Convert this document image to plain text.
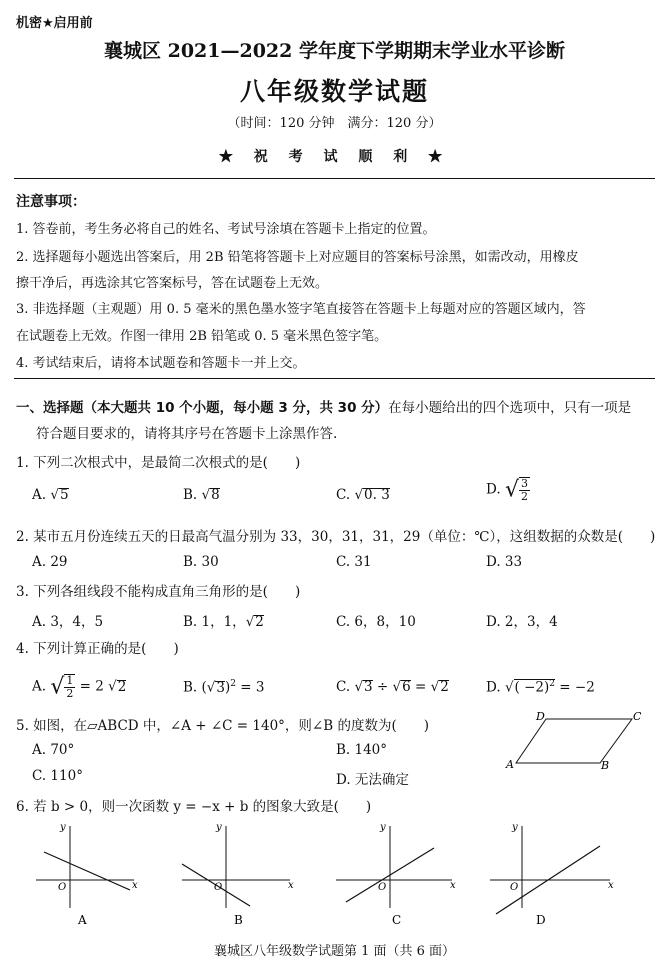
机密★启用前
襄城区 2021—2022 学年度下学期期末学业水平诊断
八年级数学试题
（时间：120 分钟　满分：120 分）
★ 祝 考 试 顺 利 ★
注意事项：
1. 答卷前，考生务必将自己的姓名、考试号涂填在答题卡上指定的位置。
2. 选择题每小题选出答案后，用 2B 铅笔将答题卡上对应题目的答案标号涂黑，如需改动，用橡皮
擦干净后，再选涂其它答案标号，答在试题卷上无效。
3. 非选择题（主观题）用 0. 5 毫米的黑色墨水签字笔直接答在答题卡上每题对应的答题区域内，答
在试题卷上无效。作图一律用 2B 铅笔或 0. 5 毫米黑色签字笔。
4. 考试结束后，请将本试题卷和答题卡一并上交。
一、选择题（本大题共 10 个小题，每小题 3 分，共 30 分）在每小题给出的四个选项中，只有一项是
符合题目要求的，请将其序号在答题卡上涂黑作答.
1. 下列二次根式中，是最简二次根式的是(　　)
A. √5	B. √8	C. √0. 3	D. √ $\frac{3}{2}$
2. 某市五月份连续五天的日最高气温分别为 33，30，31，31，29（单位：℃），这组数据的众数是(　　)
A. 29	B. 30	C. 31	D. 33
3. 下列各组线段不能构成直角三角形的是(　　)
A. 3，4，5	B. 1，1，√2	C. 6，8，10	D. 2，3，4
4. 下列计算正确的是(　　)
A. √ $\frac{1}{2} = 2$ √2	B. $(√3)^2 = 3$	C. √3 ÷ √6 = √2	D. √( −2)$^2$ = −2
5. 如图，在▱ABCD 中，∠A + ∠C = 140°，则∠B 的度数为(　　)
A. 70°	B. 140°
C. 110°	D. 无法确定
D	C
A	B
6. 若 b > 0，则一次函数 y = −x + b 的图象大致是(　　)
y
x
O
A
y
x
O
B
y
x
O
C
y
x
O
D
襄城区八年级数学试题第 1 面（共 6 面）
